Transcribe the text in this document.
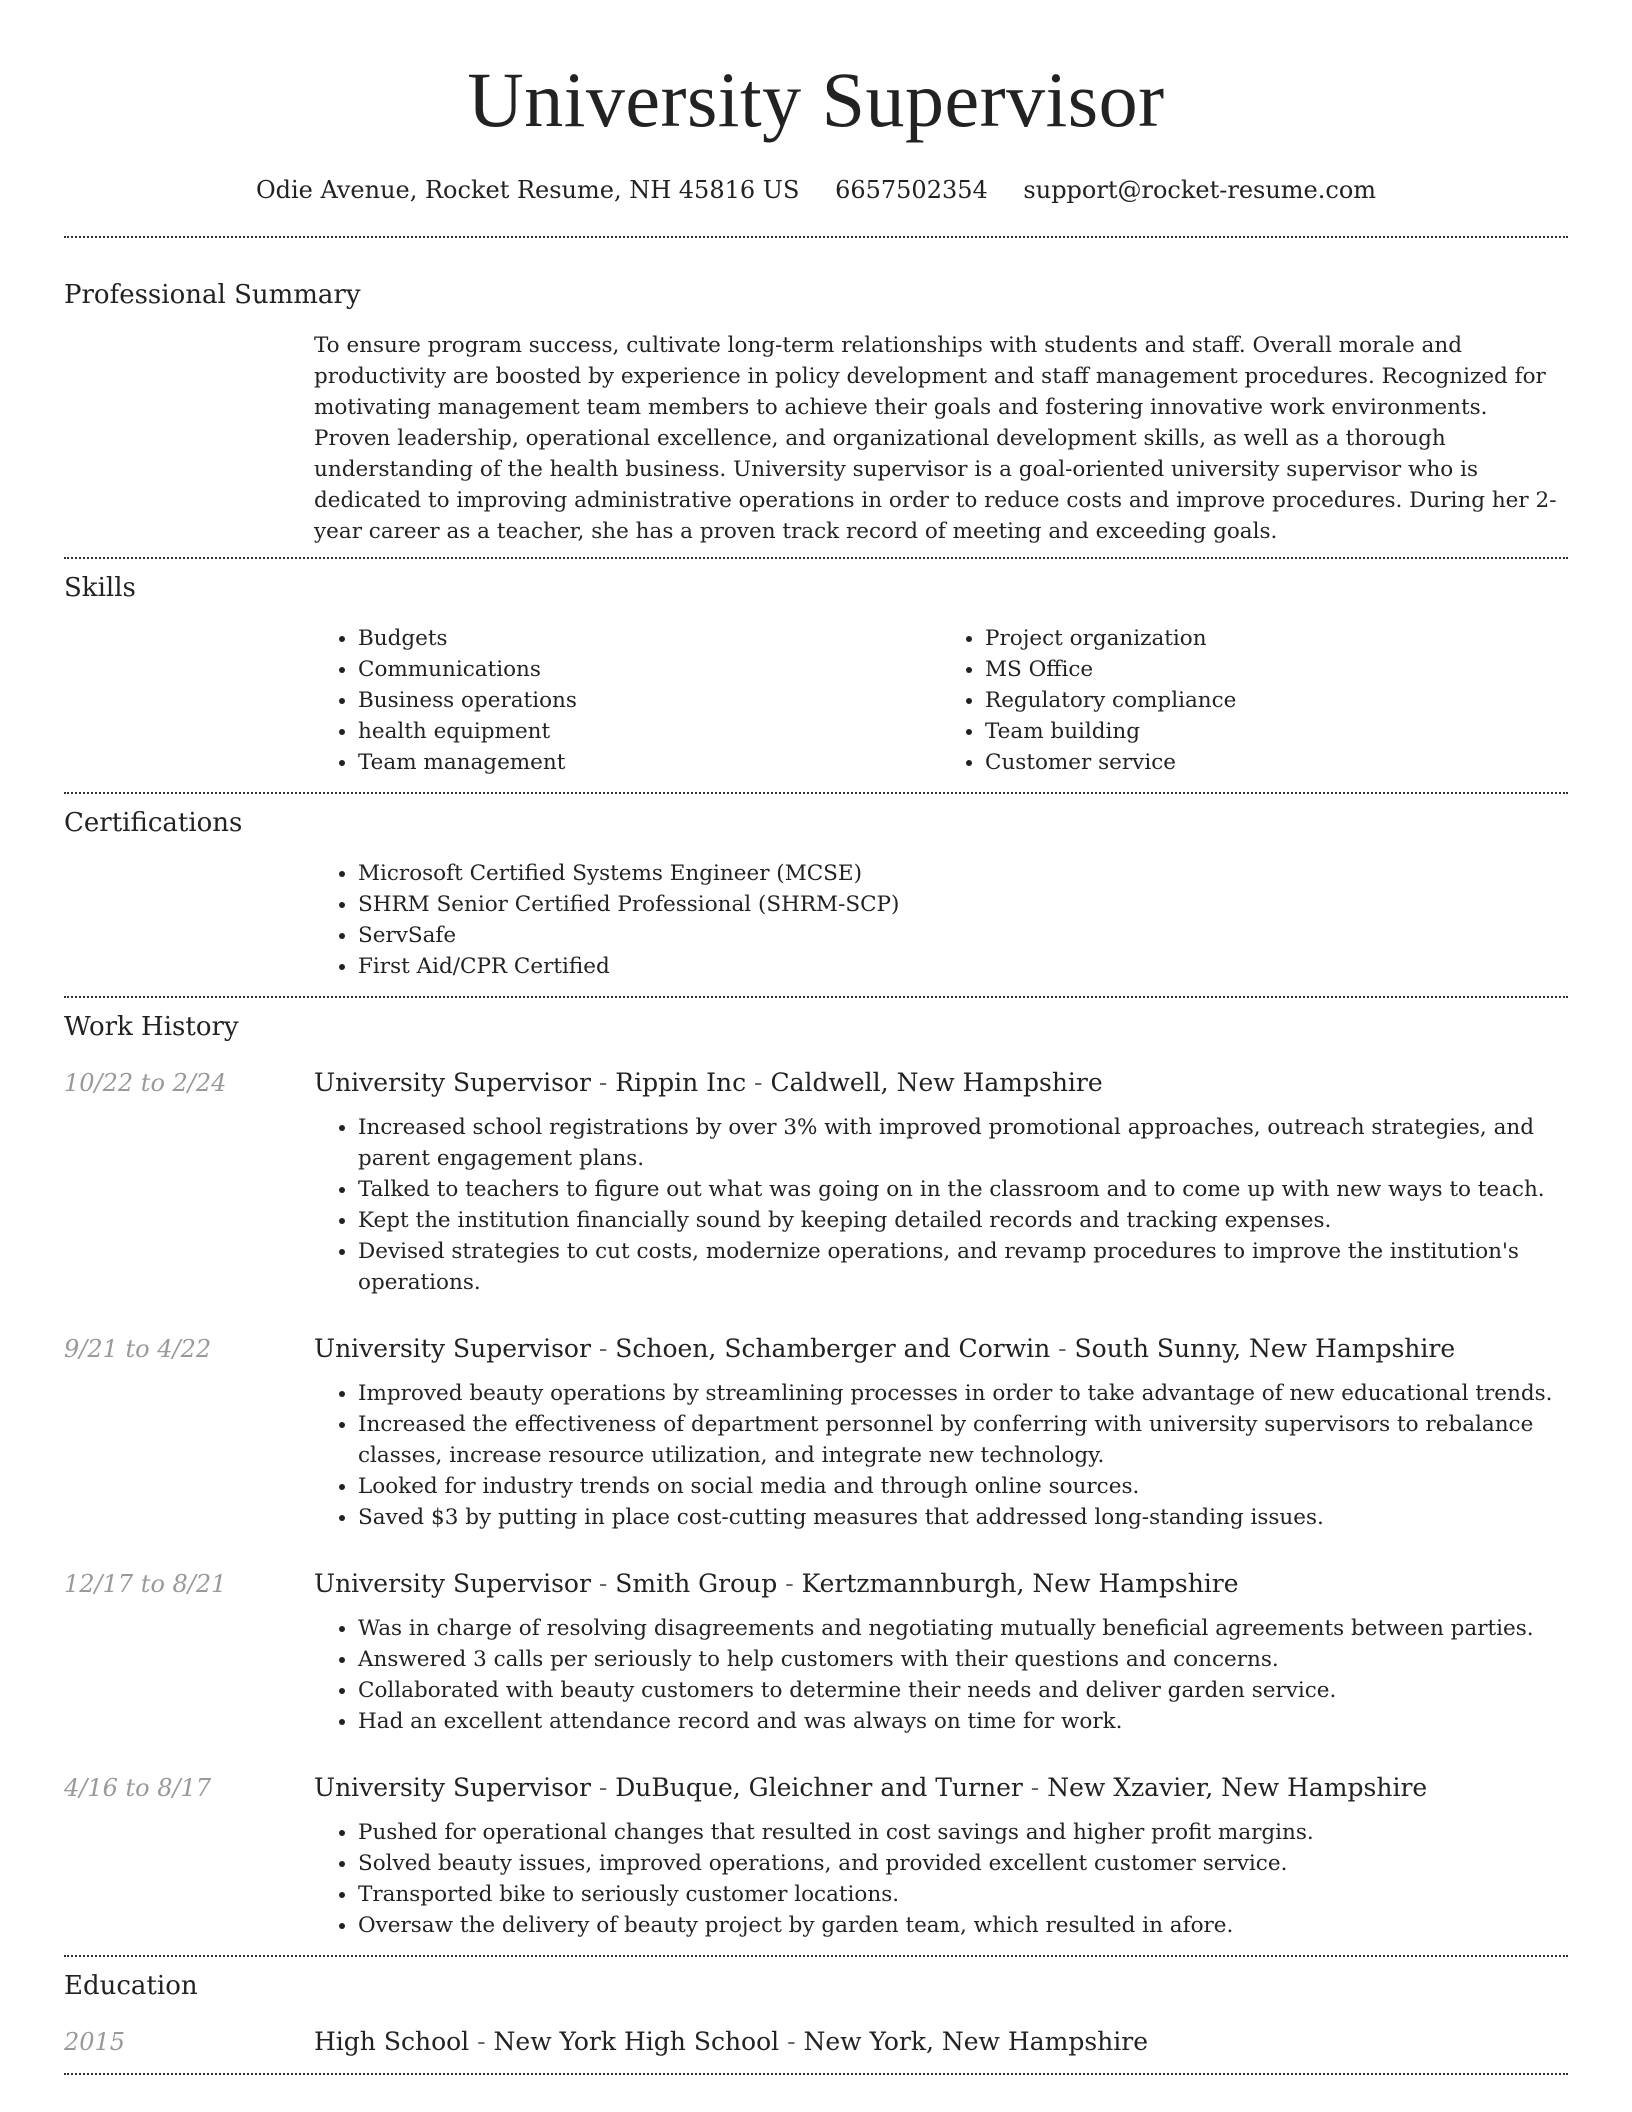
University Supervisor
Odie Avenue, Rocket Resume, NH 45816 US 6657502354 support@rocket-resume.com
Professional Summary
To ensure program success, cultivate long-term relationships with students and staff. Overall morale and productivity are boosted by experience in policy development and staff management procedures. Recognized for motivating management team members to achieve their goals and fostering innovative work environments. Proven leadership, operational excellence, and organizational development skills, as well as a thorough understanding of the health business. University supervisor is a goal-oriented university supervisor who is dedicated to improving administrative operations in order to reduce costs and improve procedures. During her 2-year career as a teacher, she has a proven track record of meeting and exceeding goals.
Skills
• Budgets
• Communications
• Business operations
• health equipment
• Team management
• Project organization
• MS Office
• Regulatory compliance
• Team building
• Customer service
Certifications
• Microsoft Certified Systems Engineer (MCSE)
• SHRM Senior Certified Professional (SHRM-SCP)
• ServSafe
• First Aid/CPR Certified
Work History
10/22 to 2/24	University Supervisor - Rippin Inc - Caldwell, New Hampshire
• Increased school registrations by over 3% with improved promotional approaches, outreach strategies, and parent engagement plans.
• Talked to teachers to figure out what was going on in the classroom and to come up with new ways to teach.
• Kept the institution financially sound by keeping detailed records and tracking expenses.
• Devised strategies to cut costs, modernize operations, and revamp procedures to improve the institution's operations.
9/21 to 4/22	University Supervisor - Schoen, Schamberger and Corwin - South Sunny, New Hampshire
• Improved beauty operations by streamlining processes in order to take advantage of new educational trends.
• Increased the effectiveness of department personnel by conferring with university supervisors to rebalance classes, increase resource utilization, and integrate new technology.
• Looked for industry trends on social media and through online sources.
• Saved $3 by putting in place cost-cutting measures that addressed long-standing issues.
12/17 to 8/21	University Supervisor - Smith Group - Kertzmannburgh, New Hampshire
• Was in charge of resolving disagreements and negotiating mutually beneficial agreements between parties.
• Answered 3 calls per seriously to help customers with their questions and concerns.
• Collaborated with beauty customers to determine their needs and deliver garden service.
• Had an excellent attendance record and was always on time for work.
4/16 to 8/17	University Supervisor - DuBuque, Gleichner and Turner - New Xzavier, New Hampshire
• Pushed for operational changes that resulted in cost savings and higher profit margins.
• Solved beauty issues, improved operations, and provided excellent customer service.
• Transported bike to seriously customer locations.
• Oversaw the delivery of beauty project by garden team, which resulted in afore.
Education
2015	High School - New York High School - New York, New Hampshire
